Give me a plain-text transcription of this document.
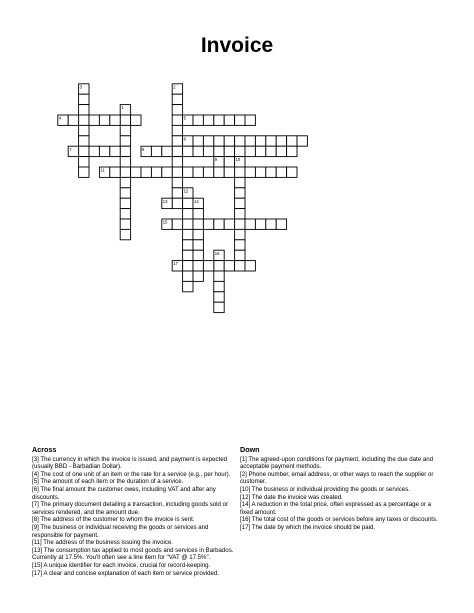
Invoice
1
2
3
4	5
6
7	8
9	10
11
12
13	14
15
16
17
Across

[3] The currency in which the invoice is issued, and payment is expected (usually BBD - Barbadian Dollar).

[4] The cost of one unit of an item or the rate for a service (e.g., per hour).

[5] The amount of each item or the duration of a service.

[6] The final amount the customer owes, including VAT and after any discounts.

[7] The primary document detailing a transaction, including goods sold or services rendered, and the amount due.

[8] The address of the customer to whom the invoice is sent.

[9] The business or individual receiving the goods or services and responsible for payment.

[11] The address of the business issuing the invoice.

[13] The consumption tax applied to most goods and services in Barbados. Currently at 17.5%. You'll often see a line item for "VAT @ 17.5%".

[15] A unique identifier for each invoice, crucial for record-keeping.

[17] A clear and concise explanation of each item or service provided.

Down

[1] The agreed-upon conditions for payment, including the due date and acceptable payment methods.

[2] Phone number, email address, or other ways to reach the supplier or customer.

[10] The business or individual providing the goods or services.

[12] The date the invoice was created.

[14] A reduction in the total price, often expressed as a percentage or a fixed amount.

[16] The total cost of the goods or services before any taxes or discounts.

[17] The date by which the invoice should be paid.
